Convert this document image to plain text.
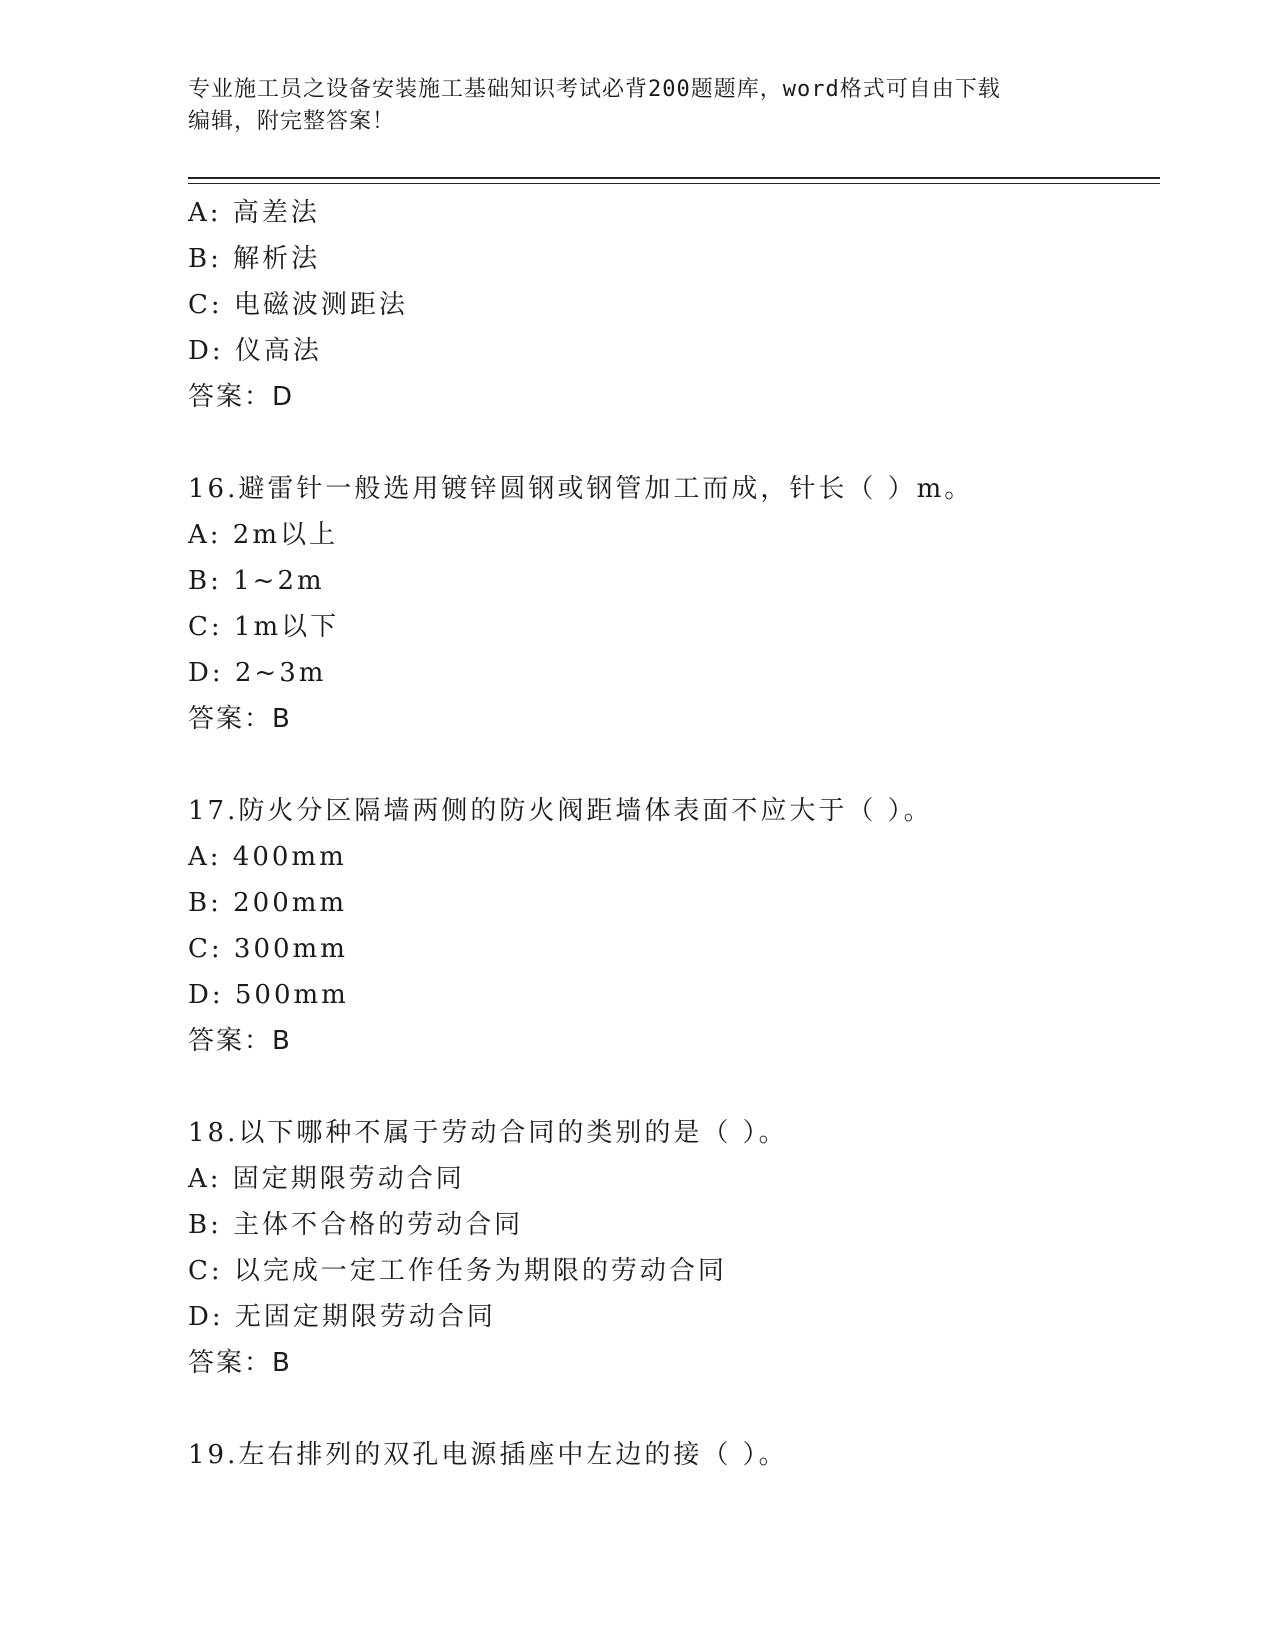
专业施工员之设备安装施工基础知识考试必背200题题库，word格式可自由下载
编辑，附完整答案！
A: 高差法
B: 解析法
C: 电磁波测距法
D: 仪高法
答案：D
16.避雷针一般选用镀锌圆钢或钢管加工而成，针长（ ）m。
A: 2m以上
B: 1~2m
C: 1m以下
D: 2~3m
答案：B
17.防火分区隔墙两侧的防火阀距墙体表面不应大于（ ）。
A: 400mm
B: 200mm
C: 300mm
D: 500mm
答案：B
18.以下哪种不属于劳动合同的类别的是（ ）。
A: 固定期限劳动合同
B: 主体不合格的劳动合同
C: 以完成一定工作任务为期限的劳动合同
D: 无固定期限劳动合同
答案：B
19.左右排列的双孔电源插座中左边的接（ ）。
